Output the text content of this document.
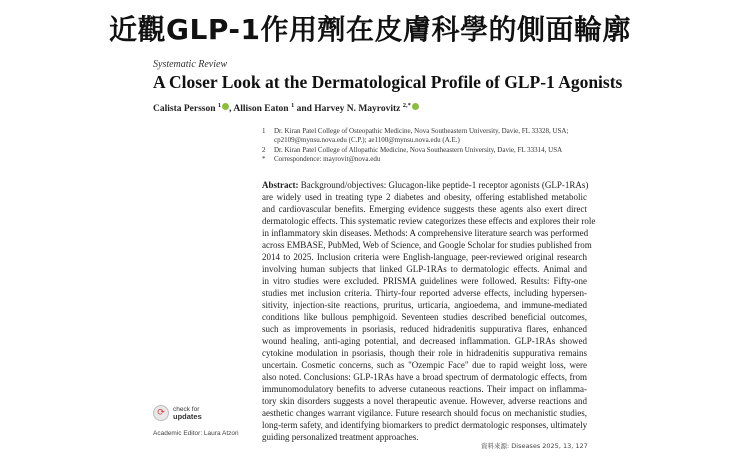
近觀GLP-1作用劑在皮膚科學的側面輪廓
Systematic Review
A Closer Look at the Dermatological Profile of GLP-1 Agonists
Calista Persson $^1$ , Allison Eaton $^1$ and Harvey N. Mayrovitz $^{2,*}$
1	Dr. Kiran Patel College of Osteopathic Medicine, Nova Southeastern University, Davie, FL 33328, USA;
cp2109@mynsu.nova.edu (C.P.); ae1100@mynsu.nova.edu (A.E.)
2	Dr. Kiran Patel College of Allopathic Medicine, Nova Southeastern University, Davie, FL 33314, USA
*	Correspondence: mayrovit@nova.edu
Abstract: Background/objectives: Glucagon-like peptide-1 receptor agonists (GLP-1RAs)
are widely used in treating type 2 diabetes and obesity, offering established metabolic
and cardiovascular benefits. Emerging evidence suggests these agents also exert direct
dermatologic effects. This systematic review categorizes these effects and explores their role
in inflammatory skin diseases. Methods: A comprehensive literature search was performed
across EMBASE, PubMed, Web of Science, and Google Scholar for studies published from
2014 to 2025. Inclusion criteria were English-language, peer-reviewed original research
involving human subjects that linked GLP-1RAs to dermatologic effects. Animal and
in vitro studies were excluded. PRISMA guidelines were followed. Results: Fifty-one
studies met inclusion criteria. Thirty-four reported adverse effects, including hypersen-
sitivity, injection-site reactions, pruritus, urticaria, angioedema, and immune-mediated
conditions like bullous pemphigoid. Seventeen studies described beneficial outcomes,
such as improvements in psoriasis, reduced hidradenitis suppurativa flares, enhanced
wound healing, anti-aging potential, and decreased inflammation. GLP-1RAs showed
cytokine modulation in psoriasis, though their role in hidradenitis suppurativa remains
uncertain. Cosmetic concerns, such as "Ozempic Face" due to rapid weight loss, were
also noted. Conclusions: GLP-1RAs have a broad spectrum of dermatologic effects, from
immunomodulatory benefits to adverse cutaneous reactions. Their impact on inflamma-
tory skin disorders suggests a novel therapeutic avenue. However, adverse reactions and
aesthetic changes warrant vigilance. Future research should focus on mechanistic studies,
long-term safety, and identifying biomarkers to predict dermatologic responses, ultimately
guiding personalized treatment approaches.
⟳	check for
updates
Academic Editor: Laura Atzori
資料來源: Diseases 2025, 13, 127
